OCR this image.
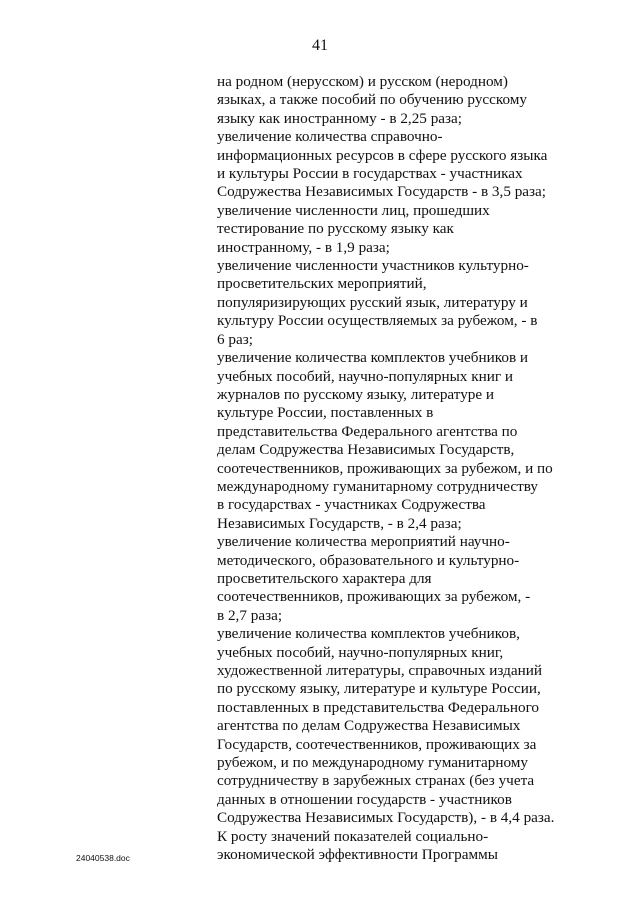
41
на родном (нерусском) и русском (неродном)
языках, а также пособий по обучению русскому
языку как иностранному - в 2,25 раза;
увеличение количества справочно-
информационных ресурсов в сфере русского языка
и культуры России в государствах - участниках
Содружества Независимых Государств - в 3,5 раза;
увеличение численности лиц, прошедших
тестирование по русскому языку как
иностранному, - в 1,9 раза;
увеличение численности участников культурно-
просветительских мероприятий,
популяризирующих русский язык, литературу и
культуру России осуществляемых за рубежом, - в
6 раз;
увеличение количества комплектов учебников и
учебных пособий, научно-популярных книг и
журналов по русскому языку, литературе и
культуре России, поставленных в
представительства Федерального агентства по
делам Содружества Независимых Государств,
соотечественников, проживающих за рубежом, и по
международному гуманитарному сотрудничеству
в государствах - участниках Содружества
Независимых Государств, - в 2,4 раза;
увеличение количества мероприятий научно-
методического, образовательного и культурно-
просветительского характера для
соотечественников, проживающих за рубежом, -
в 2,7 раза;
увеличение количества комплектов учебников,
учебных пособий, научно-популярных книг,
художественной литературы, справочных изданий
по русскому языку, литературе и культуре России,
поставленных в представительства Федерального
агентства по делам Содружества Независимых
Государств, соотечественников, проживающих за
рубежом, и по международному гуманитарному
сотрудничеству в зарубежных странах (без учета
данных в отношении государств - участников
Содружества Независимых Государств), - в 4,4 раза.
К росту значений показателей социально-
экономической эффективности Программы
24040538.doc
